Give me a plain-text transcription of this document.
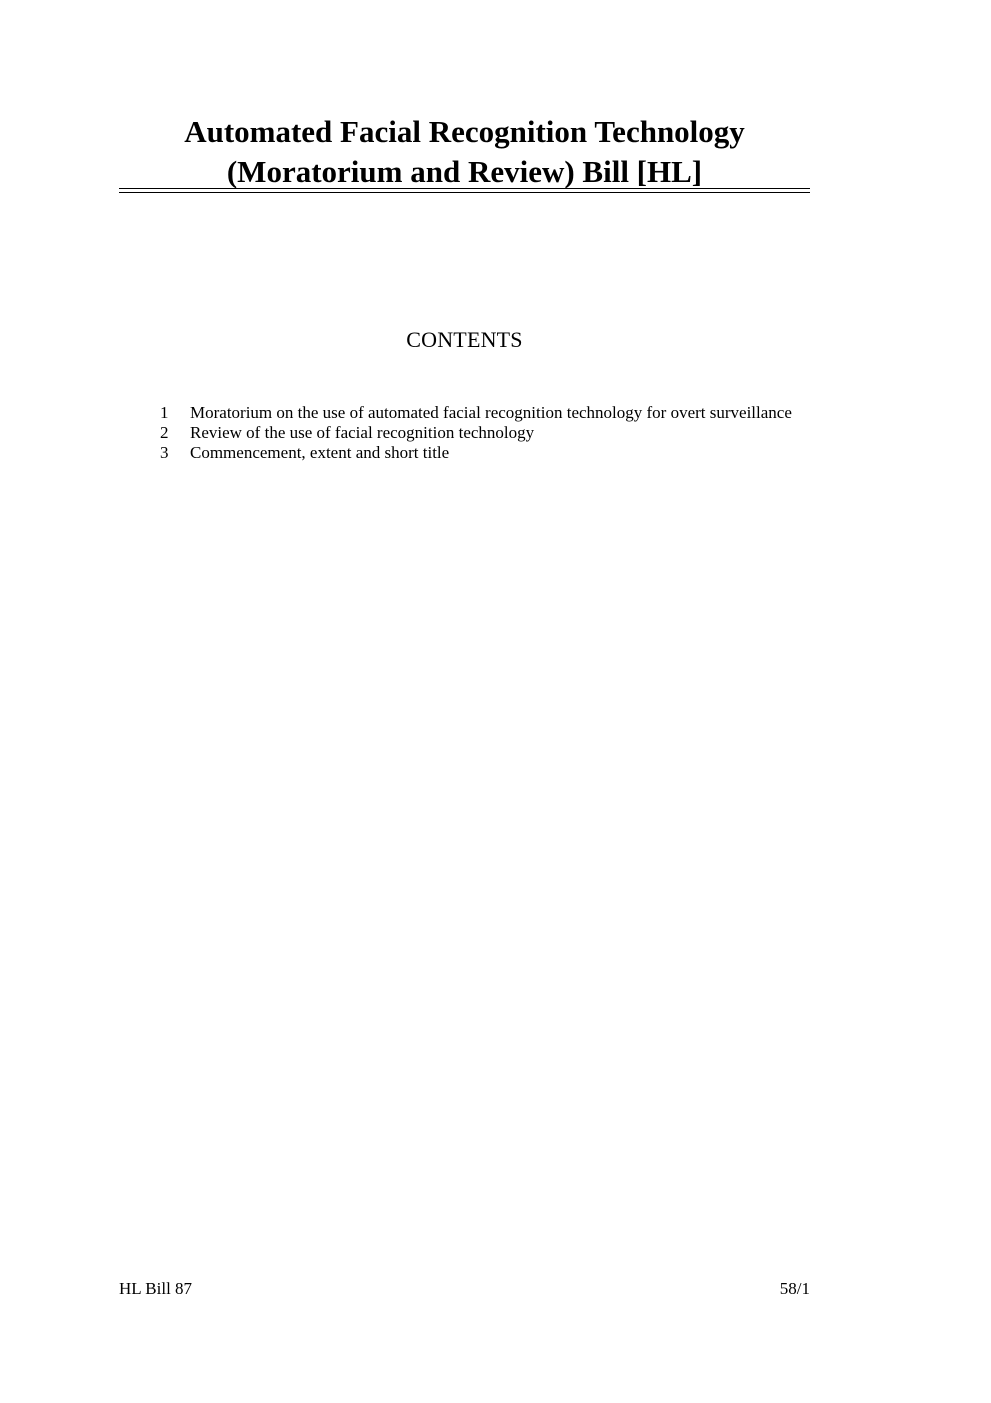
Automated Facial Recognition Technology
(Moratorium and Review) Bill [HL]
CONTENTS
1	Moratorium on the use of automated facial recognition technology for overt surveillance
2	Review of the use of facial recognition technology
3	Commencement, extent and short title
HL Bill 87	58/1
